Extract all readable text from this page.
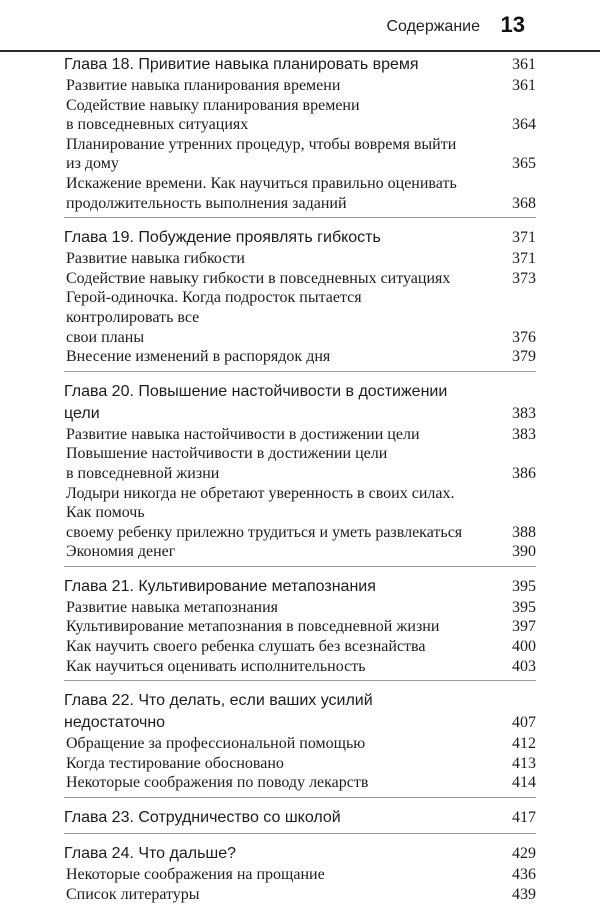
Содержание 13
Глава 18. Привитие навыка планировать время	361
Развитие навыка планирования времени	361
Содействие навыку планирования времени
в повседневных ситуациях	364
Планирование утренних процедур, чтобы вовремя выйти из дому	365
Искажение времени. Как научиться правильно оценивать
продолжительность выполнения заданий	368
Глава 19. Побуждение проявлять гибкость	371
Развитие навыка гибкости	371
Содействие навыку гибкости в повседневных ситуациях	373
Герой-одиночка. Когда подросток пытается контролировать все
свои планы	376
Внесение изменений в распорядок дня	379
Глава 20. Повышение настойчивости в достижении цели	383
Развитие навыка настойчивости в достижении цели	383
Повышение настойчивости в достижении цели
в повседневной жизни	386
Лодыри никогда не обретают уверенность в своих силах. Как помочь
своему ребенку прилежно трудиться и уметь развлекаться	388
Экономия денег	390
Глава 21. Культивирование метапознания	395
Развитие навыка метапознания	395
Культивирование метапознания в повседневной жизни	397
Как научить своего ребенка слушать без всезнайства	400
Как научиться оценивать исполнительность	403
Глава 22. Что делать, если ваших усилий недостаточно	407
Обращение за профессиональной помощью	412
Когда тестирование обосновано	413
Некоторые соображения по поводу лекарств	414
Глава 23. Сотрудничество со школой	417
Глава 24. Что дальше?	429
Некоторые соображения на прощание	436
Список литературы	439
